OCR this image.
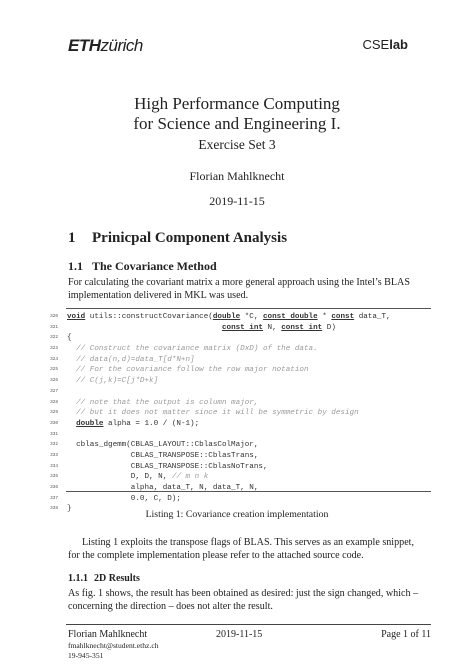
ETHzürich	CSElab
High Performance Computing
for Science and Engineering I.
Exercise Set 3
Florian Mahlknecht
2019-11-15
1 Prinicpal Component Analysis
1.1 The Covariance Method
For calculating the covariant matrix a more general approach using the Intel’s BLAS implementation delivered in MKL was used.
320 void utils::constructCovariance(double *C, const double * const data_T,
321	const int N, const int D)
322 {
323 // Construct the covariance matrix (DxD) of the data.
324 // data(n,d)=data_T[d*N+n]
325 // For the covariance follow the row major notation
326 // C(j,k)=C[j*D+k]
327
328 // note that the output is column major,
329 // but it does not matter since it will be symmetric by design
330	double alpha = 1.0 / (N-1);
331
332 cblas_dgemm(CBLAS_LAYOUT::CblasColMajor,
333 CBLAS_TRANSPOSE::CblasTrans,
334 CBLAS_TRANSPOSE::CblasNoTrans,
335 D, D, N, // m n k
336 alpha, data_T, N, data_T, N,
337 0.0, C, D);
338 }	Listing 1: Covariance creation implementation
Listing 1 exploits the transpose flags of BLAS. This serves as an example snippet, for the complete implementation please refer to the attached source code.
1.1.1 2D Results
As fig. 1 shows, the result has been obtained as desired: just the sign changed, which – concerning the direction – does not alter the result.
Florian Mahlknecht
fmahlknecht@student.ethz.ch
19-945-351
2019-11-15	Page 1 of 11
